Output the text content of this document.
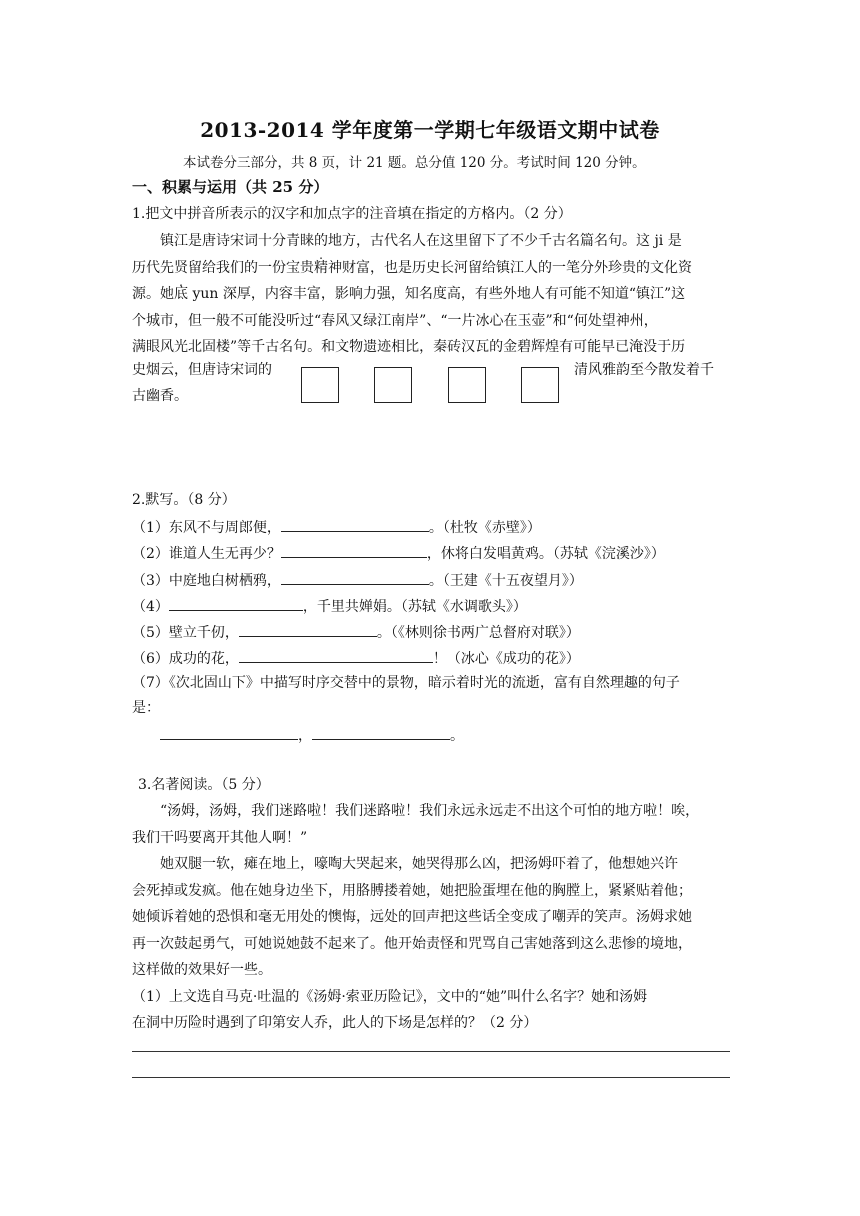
2013-2014 学年度第一学期七年级语文期中试卷
本试卷分三部分，共 8 页，计 21 题。总分值 120 分。考试时间 120 分钟。
一、积累与运用（共 25 分）
1.把文中拼音所表示的汉字和加点字的注音填在指定的方格内。（2 分）
镇江是唐诗宋词十分青睐的地方，古代名人在这里留下了不少千古名篇名句。这 ji 是
历代先贤留给我们的一份宝贵精神财富，也是历史长河留给镇江人的一笔分外珍贵的文化资
源。她底 yun 深厚，内容丰富，影响力强，知名度高，有些外地人有可能不知道“镇江”这
个城市，但一般不可能没听过“春风又绿江南岸”、“一片冰心在玉壶”和“何处望神州，
满眼风光北固楼”等千古名句。和文物遗迹相比，秦砖汉瓦的金碧辉煌有可能早已淹没于历
史烟云，但唐诗宋词的	清风雅韵至今散发着千
古幽香。
2.默写。（8 分）
（1）东风不与周郎便，	。（杜牧《赤壁》）
（2）谁道人生无再少？	，休将白发唱黄鸡。（苏轼《浣溪沙》）
（3）中庭地白树栖鸦，	。（王建《十五夜望月》）
（4）	，千里共婵娟。（苏轼《水调歌头》）
（5）壁立千仞，	。（《林则徐书两广总督府对联》）
（6）成功的花，	！（冰心《成功的花》）
（7）《次北固山下》中描写时序交替中的景物，暗示着时光的流逝，富有自然理趣的句子
是：
，	。
3.名著阅读。（5 分）
“汤姆，汤姆，我们迷路啦！我们迷路啦！我们永远永远走不出这个可怕的地方啦！唉，
我们干吗要离开其他人啊！”
她双腿一软，瘫在地上，嚎啕大哭起来，她哭得那么凶，把汤姆吓着了，他想她兴许
会死掉或发疯。他在她身边坐下，用胳膊搂着她，她把脸蛋埋在他的胸膛上，紧紧贴着他；
她倾诉着她的恐惧和毫无用处的懊悔，远处的回声把这些话全变成了嘲弄的笑声。汤姆求她
再一次鼓起勇气，可她说她鼓不起来了。他开始责怪和咒骂自己害她落到这么悲惨的境地，
这样做的效果好一些。
（1）上文选自马克·吐温的《汤姆·索亚历险记》，文中的“她”叫什么名字？她和汤姆
在洞中历险时遇到了印第安人乔，此人的下场是怎样的？（2 分）
